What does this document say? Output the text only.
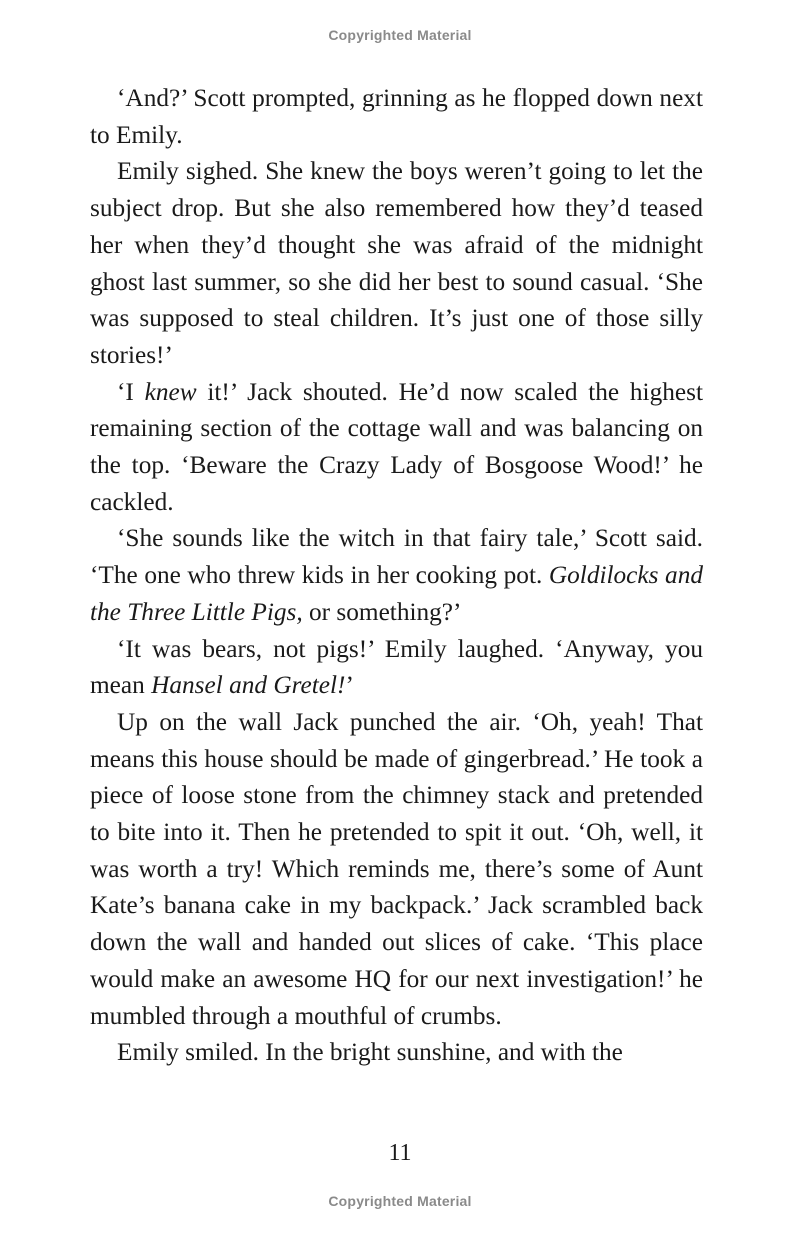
Copyrighted Material

‘And?’ Scott prompted, grinning as he flopped down next to Emily.

Emily sighed. She knew the boys weren’t going to let the subject drop. But she also remembered how they’d teased her when they’d thought she was afraid of the midnight ghost last summer, so she did her best to sound casual. ‘She was supposed to steal children. It’s just one of those silly stories!’

‘I knew it!’ Jack shouted. He’d now scaled the highest remaining section of the cottage wall and was balancing on the top. ‘Beware the Crazy Lady of Bosgoose Wood!’ he cackled.

‘She sounds like the witch in that fairy tale,’ Scott said. ‘The one who threw kids in her cooking pot. Goldilocks and the Three Little Pigs, or something?’

‘It was bears, not pigs!’ Emily laughed. ‘Anyway, you mean Hansel and Gretel!’

Up on the wall Jack punched the air. ‘Oh, yeah! That means this house should be made of gingerbread.’ He took a piece of loose stone from the chimney stack and pretended to bite into it. Then he pretended to spit it out. ‘Oh, well, it was worth a try! Which reminds me, there’s some of Aunt Kate’s banana cake in my backpack.’ Jack scrambled back down the wall and handed out slices of cake. ‘This place would make an awesome HQ for our next investigation!’ he mumbled through a mouthful of crumbs.

Emily smiled. In the bright sunshine, and with the

11
Copyrighted Material
